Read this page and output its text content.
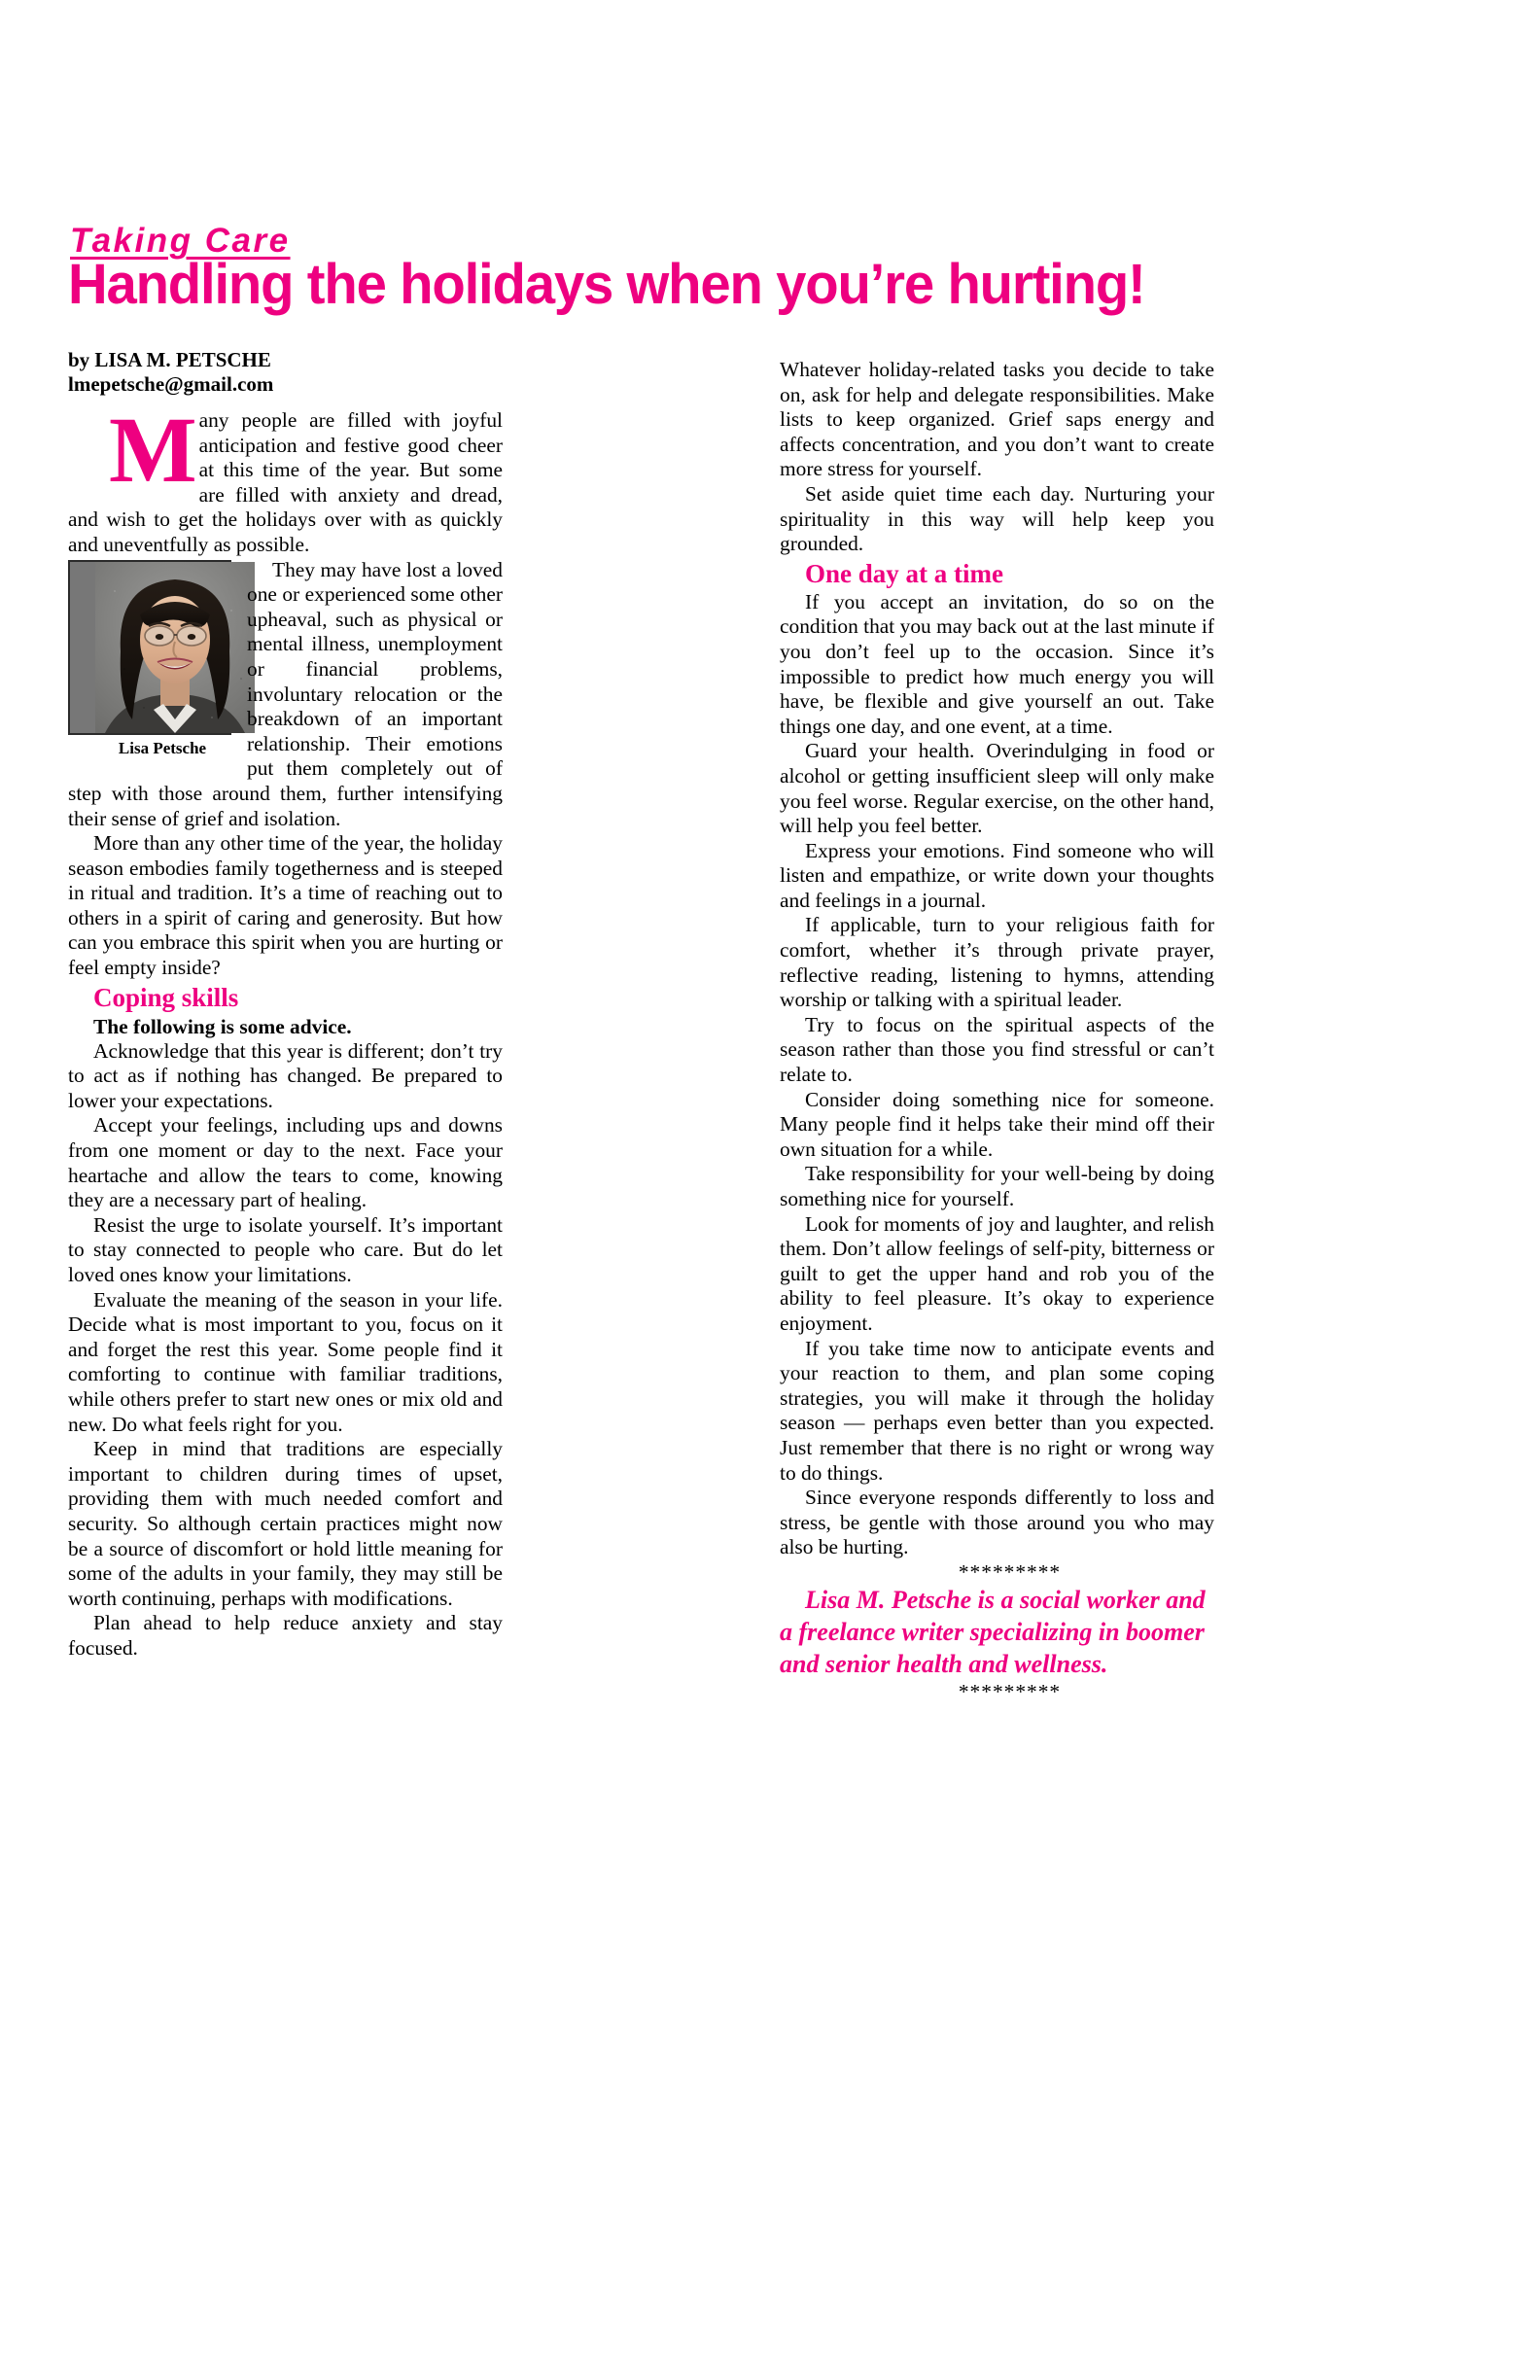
Taking Care
Handling the holidays when you’re hurting!
by LISA M. PETSCHE
lmepetsche@gmail.com

Many people are filled with joyful anticipation and festive good cheer at this time of the year. But some are filled with anxiety and dread, and wish to get the holidays over with as quickly and uneventfully as possible.

Lisa Petsche
They may have lost a loved one or experienced some other upheaval, such as physical or mental illness, unemployment or financial problems, involuntary relocation or the breakdown of an important relationship. Their emotions put them completely out of step with those around them, further intensifying their sense of grief and isolation.

More than any other time of the year, the holiday season embodies family togetherness and is steeped in ritual and tradition. It’s a time of reaching out to others in a spirit of caring and generosity. But how can you embrace this spirit when you are hurting or feel empty inside?

Coping skills

The following is some advice.

Acknowledge that this year is different; don’t try to act as if nothing has changed. Be prepared to lower your expectations.

Accept your feelings, including ups and downs from one moment or day to the next. Face your heartache and allow the tears to come, knowing they are a necessary part of healing.

Resist the urge to isolate yourself. It’s important to stay connected to people who care. But do let loved ones know your limitations.

Evaluate the meaning of the season in your life. Decide what is most important to you, focus on it and forget the rest this year. Some people find it comforting to continue with familiar traditions, while others prefer to start new ones or mix old and new. Do what feels right for you.

Keep in mind that traditions are especially important to children during times of upset, providing them with much needed comfort and security. So although certain practices might now be a source of discomfort or hold little meaning for some of the adults in your family, they may still be worth continuing, perhaps with modifications.

Plan ahead to help reduce anxiety and stay focused.

Whatever holiday-related tasks you decide to take on, ask for help and delegate responsibilities. Make lists to keep organized. Grief saps energy and affects concentration, and you don’t want to create more stress for yourself.

Set aside quiet time each day. Nurturing your spirituality in this way will help keep you grounded.

One day at a time

If you accept an invitation, do so on the condition that you may back out at the last minute if you don’t feel up to the occasion. Since it’s impossible to predict how much energy you will have, be flexible and give yourself an out. Take things one day, and one event, at a time.

Guard your health. Overindulging in food or alcohol or getting insufficient sleep will only make you feel worse. Regular exercise, on the other hand, will help you feel better.

Express your emotions. Find someone who will listen and empathize, or write down your thoughts and feelings in a journal.

If applicable, turn to your religious faith for comfort, whether it’s through private prayer, reflective reading, listening to hymns, attending worship or talking with a spiritual leader.

Try to focus on the spiritual aspects of the season rather than those you find stressful or can’t relate to.

Consider doing something nice for someone. Many people find it helps take their mind off their own situation for a while.

Take responsibility for your well-being by doing something nice for yourself.

Look for moments of joy and laughter, and relish them. Don’t allow feelings of self-pity, bitterness or guilt to get the upper hand and rob you of the ability to feel pleasure. It’s okay to experience enjoyment.

If you take time now to anticipate events and your reaction to them, and plan some coping strategies, you will make it through the holiday season — perhaps even better than you expected. Just remember that there is no right or wrong way to do things.

Since everyone responds differently to loss and stress, be gentle with those around you who may also be hurting.

*********

Lisa M. Petsche is a social worker and a freelance writer specializing in boomer and senior health and wellness.

*********
